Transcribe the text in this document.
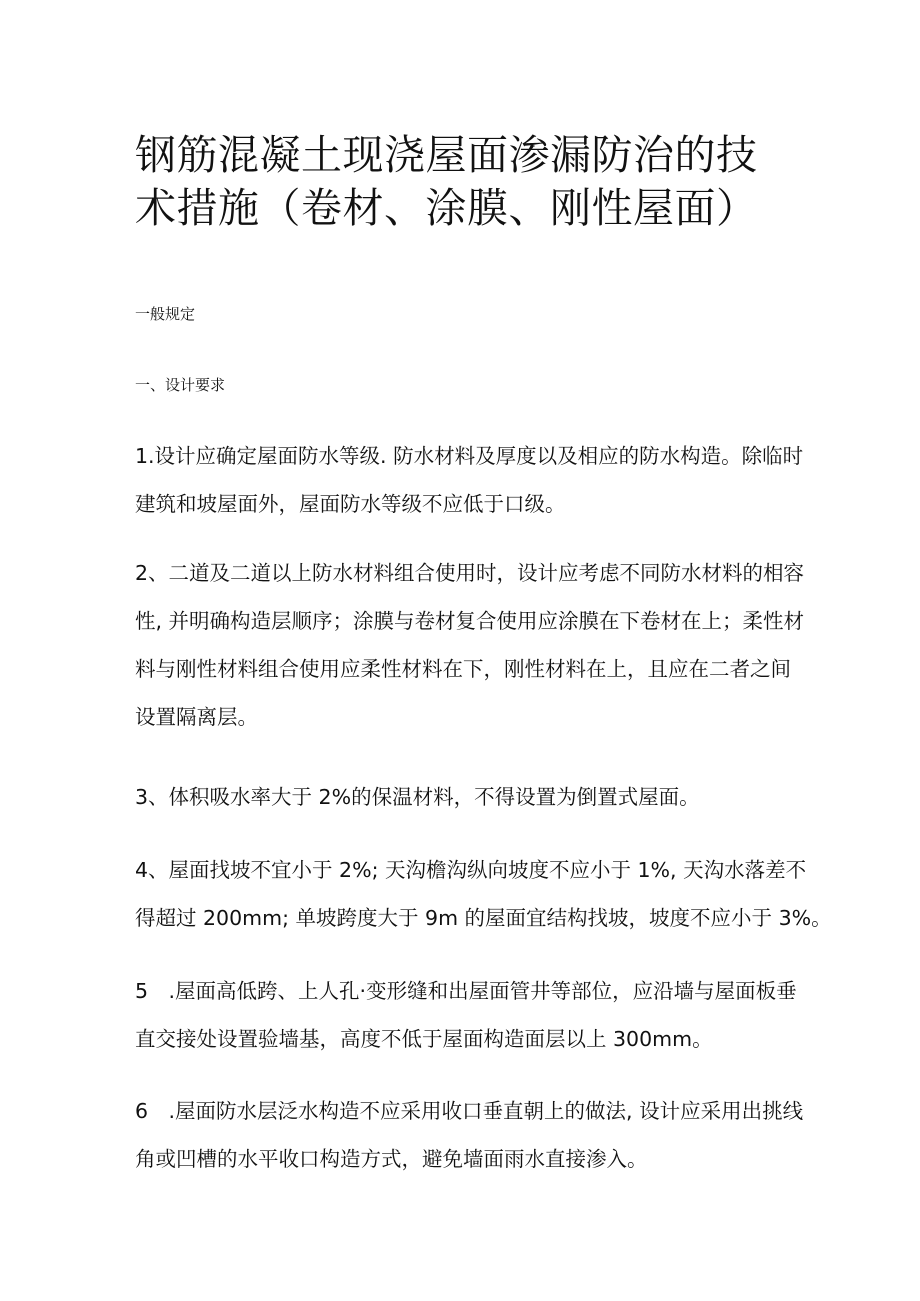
钢筋混凝土现浇屋面渗漏防治的技
术措施（卷材、涂膜、刚性屋面）
一般规定
一、设计要求
1.设计应确定屋面防水等级. 防水材料及厚度以及相应的防水构造。除临时
建筑和坡屋面外，屋面防水等级不应低于口级。
2、二道及二道以上防水材料组合使用时，设计应考虑不同防水材料的相容
性, 并明确构造层顺序；涂膜与卷材复合使用应涂膜在下卷材在上；柔性材
料与刚性材料组合使用应柔性材料在下，刚性材料在上，且应在二者之间
设置隔离层。
3、体积吸水率大于 2%的保温材料，不得设置为倒置式屋面。
4、屋面找坡不宜小于 2%; 天沟檐沟纵向坡度不应小于 1%, 天沟水落差不
得超过 200mm; 单坡跨度大于 9m 的屋面宜结构找坡，坡度不应小于 3%。
5　.屋面高低跨、上人孔·变形缝和出屋面管井等部位，应沿墙与屋面板垂
直交接处设置验墙基，高度不低于屋面构造面层以上 300mm。
6　.屋面防水层泛水构造不应采用收口垂直朝上的做法, 设计应采用出挑线
角或凹槽的水平收口构造方式，避免墙面雨水直接渗入。
